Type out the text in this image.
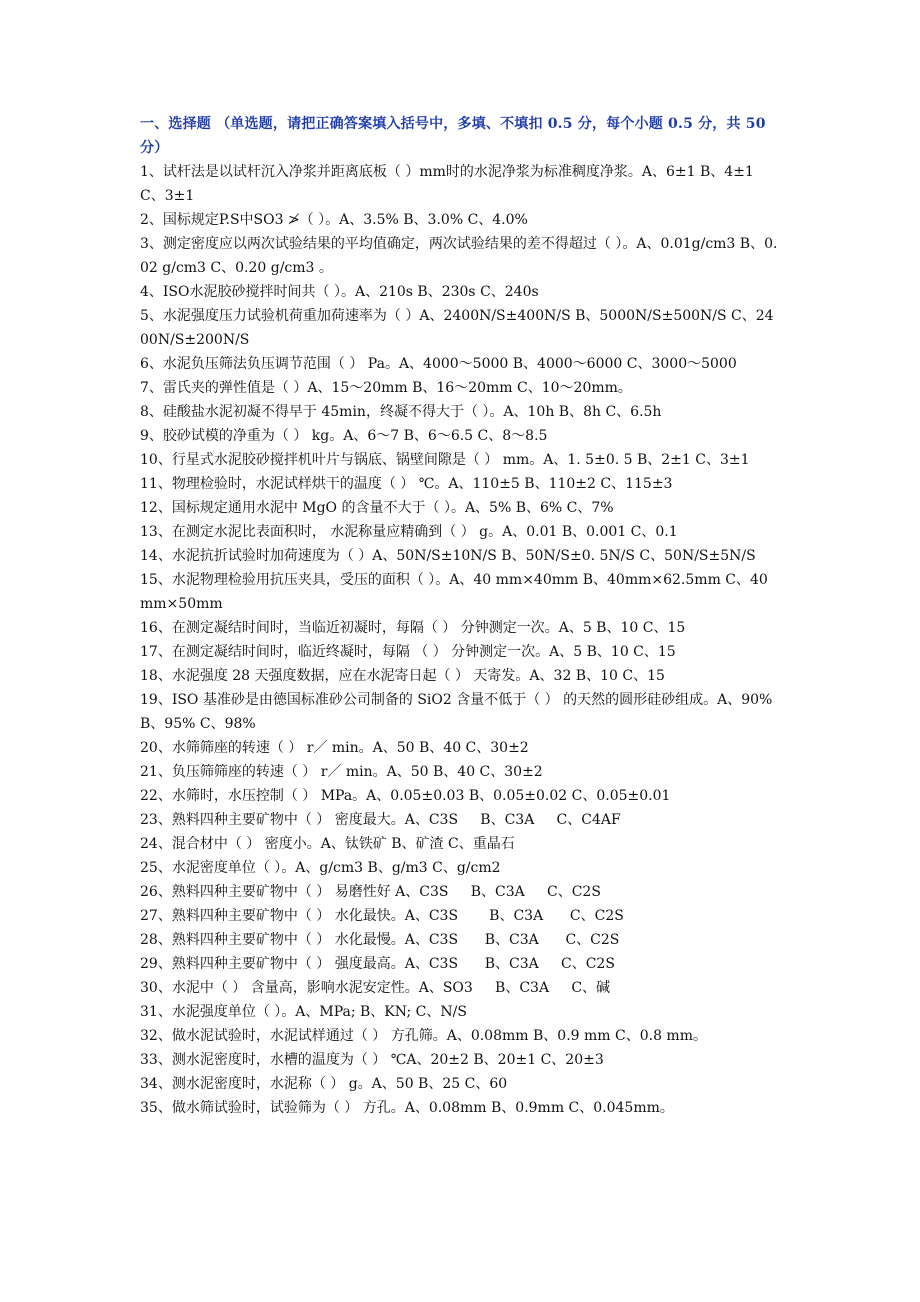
一、选择题 （单选题，请把正确答案填入括号中，多填、不填扣 0.5 分，每个小题 0.5 分，共 50 分）
1、试杆法是以试杆沉入净浆并距离底板（ ）mm时的水泥净浆为标准稠度净浆。A、6±1 B、4±1 C、3±1
2、国标规定P.S中SO3 ≯（ ）。A、3.5% B、3.0% C、4.0%
3、测定密度应以两次试验结果的平均值确定，两次试验结果的差不得超过（ ）。A、0.01g/cm3 B、0.02 g/cm3 C、0.20 g/cm3 。
4、ISO水泥胶砂搅拌时间共（ ）。A、210s B、230s C、240s
5、水泥强度压力试验机荷重加荷速率为（ ）A、2400N/S±400N/S B、5000N/S±500N/S C、2400N/S±200N/S
6、水泥负压筛法负压调节范围（ ） Pa。A、4000～5000 B、4000～6000 C、3000～5000
7、雷氏夹的弹性值是（ ）A、15～20mm B、16～20mm C、10～20mm。
8、硅酸盐水泥初凝不得早于 45min，终凝不得大于（ ）。A、10h B、8h C、6.5h
9、胶砂试模的净重为（ ） kg。A、6～7 B、6～6.5 C、8～8.5
10、行星式水泥胶砂搅拌机叶片与锅底、锅壁间隙是（ ） mm。A、1. 5±0. 5 B、2±1 C、3±1
11、物理检验时，水泥试样烘干的温度（ ） ℃。A、110±5 B、110±2 C、115±3
12、国标规定通用水泥中 MgO 的含量不大于（ ）。A、5% B、6% C、7%
13、在测定水泥比表面积时， 水泥称量应精确到（ ） g。A、0.01 B、0.001 C、0.1
14、水泥抗折试验时加荷速度为（ ）A、50N/S±10N/S B、50N/S±0. 5N/S C、50N/S±5N/S
15、水泥物理检验用抗压夹具，受压的面积（ ）。A、40 mm×40mm B、40mm×62.5mm C、40mm×50mm
16、在测定凝结时间时，当临近初凝时，每隔（ ） 分钟测定一次。A、5 B、10 C、15
17、在测定凝结时间时，临近终凝时，每隔 （ ） 分钟测定一次。A、5 B、10 C、15
18、水泥强度 28 天强度数据，应在水泥寄日起（ ） 天寄发。A、32 B、10 C、15
19、ISO 基准砂是由德国标准砂公司制备的 SiO2 含量不低于（ ） 的天然的圆形硅砂组成。A、90% B、95% C、98%
20、水筛筛座的转速（ ） r／ min。A、50 B、40 C、30±2
21、负压筛筛座的转速（ ） r／ min。A、50 B、40 C、30±2
22、水筛时，水压控制（ ） MPa。A、0.05±0.03 B、0.05±0.02 C、0.05±0.01
23、熟料四种主要矿物中（ ） 密度最大。A、C3S     B、C3A     C、C4AF
24、混合材中（ ） 密度小。A、钛铁矿 B、矿渣 C、重晶石
25、水泥密度单位（ ）。A、g/cm3 B、g/m3 C、g/cm2
26、熟料四种主要矿物中（ ） 易磨性好 A、C3S     B、C3A     C、C2S
27、熟料四种主要矿物中（ ） 水化最快。A、C3S       B、C3A      C、C2S
28、熟料四种主要矿物中（ ） 水化最慢。A、C3S      B、C3A      C、C2S
29、熟料四种主要矿物中（ ） 强度最高。A、C3S      B、C3A     C、C2S
30、水泥中（ ） 含量高，影响水泥安定性。A、SO3     B、C3A     C、碱
31、水泥强度单位（ ）。A、MPa; B、KN; C、N/S
32、做水泥试验时，水泥试样通过（ ） 方孔筛。A、0.08mm B、0.9 mm C、0.8 mm。
33、测水泥密度时，水槽的温度为（ ） ℃A、20±2 B、20±1 C、20±3
34、测水泥密度时，水泥称（ ） g。A、50 B、25 C、60
35、做水筛试验时，试验筛为（ ） 方孔。A、0.08mm B、0.9mm C、0.045mm。
